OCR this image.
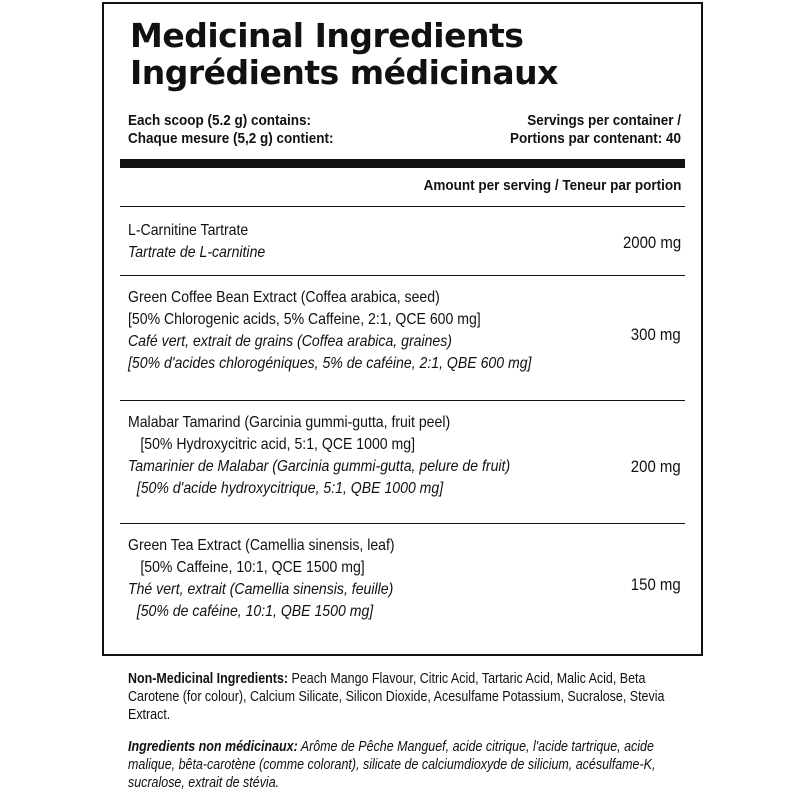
Medicinal Ingredients
Ingrédients médicinaux
Each scoop (5.2 g) contains:
Chaque mesure (5,2 g) contient:
Servings per container /
Portions par contenant: 40
Amount per serving / Teneur par portion
L-Carnitine Tartrate
Tartrate de L-carnitine
2000 mg
Green Coffee Bean Extract (Coffea arabica, seed)
[50% Chlorogenic acids, 5% Caffeine, 2:1, QCE 600 mg]
Café vert, extrait de grains (Coffea arabica, graines)
[50% d'acides chlorogéniques, 5% de caféine, 2:1, QBE 600 mg]
300 mg
Malabar Tamarind (Garcinia gummi-gutta, fruit peel)
[50% Hydroxycitric acid, 5:1, QCE 1000 mg]
Tamarinier de Malabar (Garcinia gummi-gutta, pelure de fruit)
[50% d'acide hydroxycitrique, 5:1, QBE 1000 mg]
200 mg
Green Tea Extract (Camellia sinensis, leaf)
[50% Caffeine, 10:1, QCE 1500 mg]
Thé vert, extrait (Camellia sinensis, feuille)
[50% de caféine, 10:1, QBE 1500 mg]
150 mg

Non-Medicinal Ingredients: Peach Mango Flavour, Citric Acid, Tartaric Acid, Malic Acid, Beta Carotene (for colour), Calcium Silicate, Silicon Dioxide, Acesulfame Potassium, Sucralose, Stevia Extract.

Ingredients non médicinaux: Arôme de Pêche Manguef, acide citrique, l'acide tartrique, acide malique, bêta-carotène (comme colorant), silicate de calciumdioxyde de silicium, acésulfame-K, sucralose, extrait de stévia.
